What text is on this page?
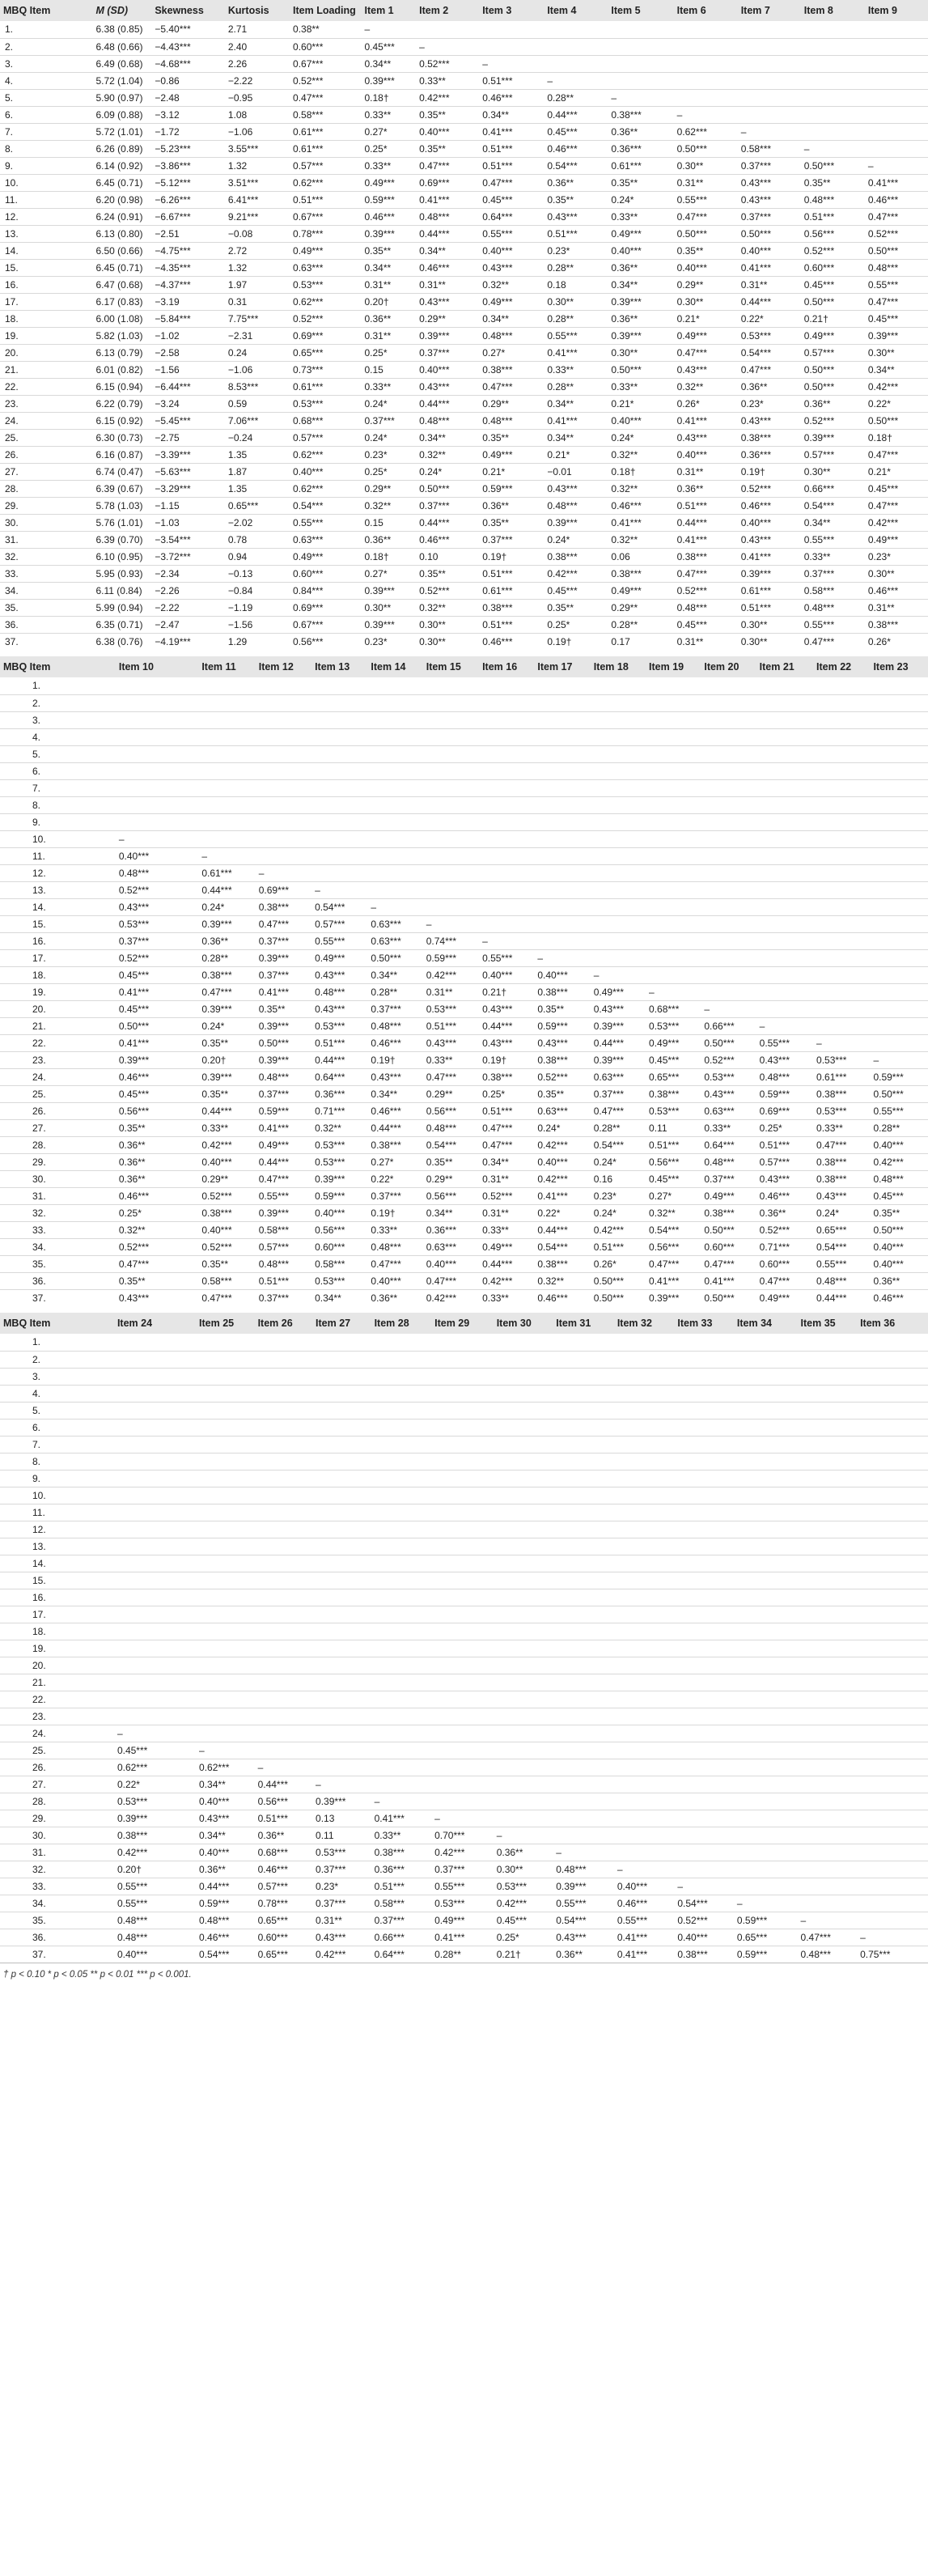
MBQ Item	M (SD)	Skewness	Kurtosis	Item Loading	Item 1	Item 2	Item 3	Item 4	Item 5	Item 6	Item 7	Item 8	Item 9
1.	6.38 (0.85)	−5.40***	2.71	0.38**	–								
2.	6.48 (0.66)	−4.43***	2.40	0.60***	0.45***	–							
3.	6.49 (0.68)	−4.68***	2.26	0.67***	0.34**	0.52***	–						
4.	5.72 (1.04)	−0.86	−2.22	0.52***	0.39***	0.33**	0.51***	–					
5.	5.90 (0.97)	−2.48	−0.95	0.47***	0.18†	0.42***	0.46***	0.28**	–				
6.	6.09 (0.88)	−3.12	1.08	0.58***	0.33**	0.35**	0.34**	0.44***	0.38***	–			
7.	5.72 (1.01)	−1.72	−1.06	0.61***	0.27*	0.40***	0.41***	0.45***	0.36**	0.62***	–		
8.	6.26 (0.89)	−5.23***	3.55***	0.61***	0.25*	0.35**	0.51***	0.46***	0.36***	0.50***	0.58***	–	
9.	6.14 (0.92)	−3.86***	1.32	0.57***	0.33**	0.47***	0.51***	0.54***	0.61***	0.30**	0.37***	0.50***	–
10.	6.45 (0.71)	−5.12***	3.51***	0.62***	0.49***	0.69***	0.47***	0.36**	0.35**	0.31**	0.43***	0.35**	0.41***
11.	6.20 (0.98)	−6.26***	6.41***	0.51***	0.59***	0.41***	0.45***	0.35**	0.24*	0.55***	0.43***	0.48***	0.46***
12.	6.24 (0.91)	−6.67***	9.21***	0.67***	0.46***	0.48***	0.64***	0.43***	0.33**	0.47***	0.37***	0.51***	0.47***
13.	6.13 (0.80)	−2.51	−0.08	0.78***	0.39***	0.44***	0.55***	0.51***	0.49***	0.50***	0.50***	0.56***	0.52***
14.	6.50 (0.66)	−4.75***	2.72	0.49***	0.35**	0.34**	0.40***	0.23*	0.40***	0.35**	0.40***	0.52***	0.50***
15.	6.45 (0.71)	−4.35***	1.32	0.63***	0.34**	0.46***	0.43***	0.28**	0.36**	0.40***	0.41***	0.60***	0.48***
16.	6.47 (0.68)	−4.37***	1.97	0.53***	0.31**	0.31**	0.32**	0.18	0.34**	0.29**	0.31**	0.45***	0.55***
17.	6.17 (0.83)	−3.19	0.31	0.62***	0.20†	0.43***	0.49***	0.30**	0.39***	0.30**	0.44***	0.50***	0.47***
18.	6.00 (1.08)	−5.84***	7.75***	0.52***	0.36**	0.29**	0.34**	0.28**	0.36**	0.21*	0.22*	0.21†	0.45***
19.	5.82 (1.03)	−1.02	−2.31	0.69***	0.31**	0.39***	0.48***	0.55***	0.39***	0.49***	0.53***	0.49***	0.39***
20.	6.13 (0.79)	−2.58	0.24	0.65***	0.25*	0.37***	0.27*	0.41***	0.30**	0.47***	0.54***	0.57***	0.30**
21.	6.01 (0.82)	−1.56	−1.06	0.73***	0.15	0.40***	0.38***	0.33**	0.50***	0.43***	0.47***	0.50***	0.34**
22.	6.15 (0.94)	−6.44***	8.53***	0.61***	0.33**	0.43***	0.47***	0.28**	0.33**	0.32**	0.36**	0.50***	0.42***
23.	6.22 (0.79)	−3.24	0.59	0.53***	0.24*	0.44***	0.29**	0.34**	0.21*	0.26*	0.23*	0.36**	0.22*
24.	6.15 (0.92)	−5.45***	7.06***	0.68***	0.37***	0.48***	0.48***	0.41***	0.40***	0.41***	0.43***	0.52***	0.50***
25.	6.30 (0.73)	−2.75	−0.24	0.57***	0.24*	0.34**	0.35**	0.34**	0.24*	0.43***	0.38***	0.39***	0.18†
26.	6.16 (0.87)	−3.39***	1.35	0.62***	0.23*	0.32**	0.49***	0.21*	0.32**	0.40***	0.36***	0.57***	0.47***
27.	6.74 (0.47)	−5.63***	1.87	0.40***	0.25*	0.24*	0.21*	−0.01	0.18†	0.31**	0.19†	0.30**	0.21*
28.	6.39 (0.67)	−3.29***	1.35	0.62***	0.29**	0.50***	0.59***	0.43***	0.32**	0.36**	0.52***	0.66***	0.45***
29.	5.78 (1.03)	−1.15	0.65***	0.54***	0.32**	0.37***	0.36**	0.48***	0.46***	0.51***	0.46***	0.54***	0.47***
30.	5.76 (1.01)	−1.03	−2.02	0.55***	0.15	0.44***	0.35**	0.39***	0.41***	0.44***	0.40***	0.34**	0.42***
31.	6.39 (0.70)	−3.54***	0.78	0.63***	0.36**	0.46***	0.37***	0.24*	0.32**	0.41***	0.43***	0.55***	0.49***
32.	6.10 (0.95)	−3.72***	0.94	0.49***	0.18†	0.10	0.19†	0.38***	0.06	0.38***	0.41***	0.33**	0.23*
33.	5.95 (0.93)	−2.34	−0.13	0.60***	0.27*	0.35**	0.51***	0.42***	0.38***	0.47***	0.39***	0.37***	0.30**
34.	6.11 (0.84)	−2.26	−0.84	0.84***	0.39***	0.52***	0.61***	0.45***	0.49***	0.52***	0.61***	0.58***	0.46***
35.	5.99 (0.94)	−2.22	−1.19	0.69***	0.30**	0.32**	0.38***	0.35**	0.29**	0.48***	0.51***	0.48***	0.31**
36.	6.35 (0.71)	−2.47	−1.56	0.67***	0.39***	0.30**	0.51***	0.25*	0.28**	0.45***	0.30**	0.55***	0.38***
37.	6.38 (0.76)	−4.19***	1.29	0.56***	0.23*	0.30**	0.46***	0.19†	0.17	0.31**	0.30**	0.47***	0.26*
MBQ Item	Item 10	Item 11	Item 12	Item 13	Item 14	Item 15	Item 16	Item 17	Item 18	Item 19	Item 20	Item 21	Item 22	Item 23
1.														
2.														
3.														
4.														
5.														
6.														
7.														
8.														
9.														
10.	–													
11.	0.40***	–												
12.	0.48***	0.61***	–											
13.	0.52***	0.44***	0.69***	–										
14.	0.43***	0.24*	0.38***	0.54***	–									
15.	0.53***	0.39***	0.47***	0.57***	0.63***	–								
16.	0.37***	0.36**	0.37***	0.55***	0.63***	0.74***	–							
17.	0.52***	0.28**	0.39***	0.49***	0.50***	0.59***	0.55***	–						
18.	0.45***	0.38***	0.37***	0.43***	0.34**	0.42***	0.40***	0.40***	–					
19.	0.41***	0.47***	0.41***	0.48***	0.28**	0.31**	0.21†	0.38***	0.49***	–				
20.	0.45***	0.39***	0.35**	0.43***	0.37***	0.53***	0.43***	0.35**	0.43***	0.68***	–			
21.	0.50***	0.24*	0.39***	0.53***	0.48***	0.51***	0.44***	0.59***	0.39***	0.53***	0.66***	–		
22.	0.41***	0.35**	0.50***	0.51***	0.46***	0.43***	0.43***	0.43***	0.44***	0.49***	0.50***	0.55***	–	
23.	0.39***	0.20†	0.39***	0.44***	0.19†	0.33**	0.19†	0.38***	0.39***	0.45***	0.52***	0.43***	0.53***	–
24.	0.46***	0.39***	0.48***	0.64***	0.43***	0.47***	0.38***	0.52***	0.63***	0.65***	0.53***	0.48***	0.61***	0.59***
25.	0.45***	0.35**	0.37***	0.36***	0.34**	0.29**	0.25*	0.35**	0.37***	0.38***	0.43***	0.59***	0.38***	0.50***
26.	0.56***	0.44***	0.59***	0.71***	0.46***	0.56***	0.51***	0.63***	0.47***	0.53***	0.63***	0.69***	0.53***	0.55***
27.	0.35**	0.33**	0.41***	0.32**	0.44***	0.48***	0.47***	0.24*	0.28**	0.11	0.33**	0.25*	0.33**	0.28**
28.	0.36**	0.42***	0.49***	0.53***	0.38***	0.54***	0.47***	0.42***	0.54***	0.51***	0.64***	0.51***	0.47***	0.40***
29.	0.36**	0.40***	0.44***	0.53***	0.27*	0.35**	0.34**	0.40***	0.24*	0.56***	0.48***	0.57***	0.38***	0.42***
30.	0.36**	0.29**	0.47***	0.39***	0.22*	0.29**	0.31**	0.42***	0.16	0.45***	0.37***	0.43***	0.38***	0.48***
31.	0.46***	0.52***	0.55***	0.59***	0.37***	0.56***	0.52***	0.41***	0.23*	0.27*	0.49***	0.46***	0.43***	0.45***
32.	0.25*	0.38***	0.39***	0.40***	0.19†	0.34**	0.31**	0.22*	0.24*	0.32**	0.38***	0.36**	0.24*	0.35**
33.	0.32**	0.40***	0.58***	0.56***	0.33**	0.36***	0.33**	0.44***	0.42***	0.54***	0.50***	0.52***	0.65***	0.50***
34.	0.52***	0.52***	0.57***	0.60***	0.48***	0.63***	0.49***	0.54***	0.51***	0.56***	0.60***	0.71***	0.54***	0.40***
35.	0.47***	0.35**	0.48***	0.58***	0.47***	0.40***	0.44***	0.38***	0.26*	0.47***	0.47***	0.60***	0.55***	0.40***
36.	0.35**	0.58***	0.51***	0.53***	0.40***	0.47***	0.42***	0.32**	0.50***	0.41***	0.41***	0.47***	0.48***	0.36**
37.	0.43***	0.47***	0.37***	0.34**	0.36**	0.42***	0.33**	0.46***	0.50***	0.39***	0.50***	0.49***	0.44***	0.46***
MBQ Item	Item 24	Item 25	Item 26	Item 27	Item 28	Item 29	Item 30	Item 31	Item 32	Item 33	Item 34	Item 35	Item 36
1.													
2.													
3.													
4.													
5.													
6.													
7.													
8.													
9.													
10.													
11.													
12.													
13.													
14.													
15.													
16.													
17.													
18.													
19.													
20.													
21.													
22.													
23.													
24.	–												
25.	0.45***	–											
26.	0.62***	0.62***	–										
27.	0.22*	0.34**	0.44***	–									
28.	0.53***	0.40***	0.56***	0.39***	–								
29.	0.39***	0.43***	0.51***	0.13	0.41***	–							
30.	0.38***	0.34**	0.36**	0.11	0.33**	0.70***	–						
31.	0.42***	0.40***	0.68***	0.53***	0.38***	0.42***	0.36**	–					
32.	0.20†	0.36**	0.46***	0.37***	0.36***	0.37***	0.30**	0.48***	–				
33.	0.55***	0.44***	0.57***	0.23*	0.51***	0.55***	0.53***	0.39***	0.40***	–			
34.	0.55***	0.59***	0.78***	0.37***	0.58***	0.53***	0.42***	0.55***	0.46***	0.54***	–		
35.	0.48***	0.48***	0.65***	0.31**	0.37***	0.49***	0.45***	0.54***	0.55***	0.52***	0.59***	–	
36.	0.48***	0.46***	0.60***	0.43***	0.66***	0.41***	0.25*	0.43***	0.41***	0.40***	0.65***	0.47***	–
37.	0.40***	0.54***	0.65***	0.42***	0.64***	0.28**	0.21†	0.36**	0.41***	0.38***	0.59***	0.48***	0.75***
† p < 0.10 * p < 0.05 ** p < 0.01 *** p < 0.001.
